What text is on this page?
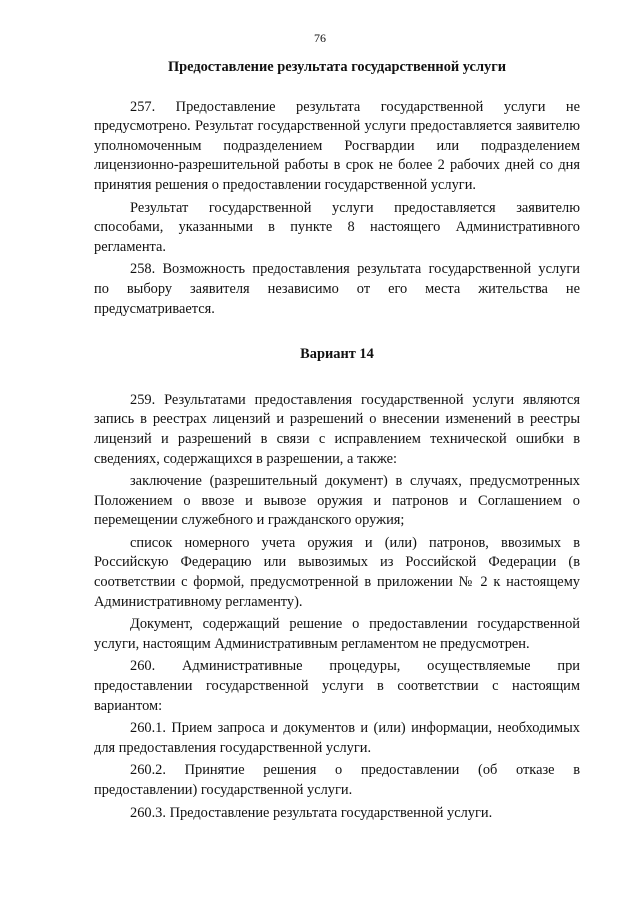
76
Предоставление результата государственной услуги

257. Предоставление результата государственной услуги не предусмотрено. Результат государственной услуги предоставляется заявителю уполномоченным подразделением Росгвардии или подразделением лицензионно-разрешительной работы в срок не более 2 рабочих дней со дня принятия решения о предоставлении государственной услуги.

Результат государственной услуги предоставляется заявителю способами, указанными в пункте 8 настоящего Административного регламента.

258. Возможность предоставления результата государственной услуги по выбору заявителя независимо от его места жительства не предусматривается.

Вариант 14

259. Результатами предоставления государственной услуги являются запись в реестрах лицензий и разрешений о внесении изменений в реестры лицензий и разрешений в связи с исправлением технической ошибки в сведениях, содержащихся в разрешении, а также:

заключение (разрешительный документ) в случаях, предусмотренных Положением о ввозе и вывозе оружия и патронов и Соглашением о перемещении служебного и гражданского оружия;

список номерного учета оружия и (или) патронов, ввозимых в Российскую Федерацию или вывозимых из Российской Федерации (в соответствии с формой, предусмотренной в приложении № 2 к настоящему Административному регламенту).

Документ, содержащий решение о предоставлении государственной услуги, настоящим Административным регламентом не предусмотрен.

260. Административные процедуры, осуществляемые при предоставлении государственной услуги в соответствии с настоящим вариантом:

260.1. Прием запроса и документов и (или) информации, необходимых для предоставления государственной услуги.

260.2. Принятие решения о предоставлении (об отказе в предоставлении) государственной услуги.

260.3. Предоставление результата государственной услуги.
